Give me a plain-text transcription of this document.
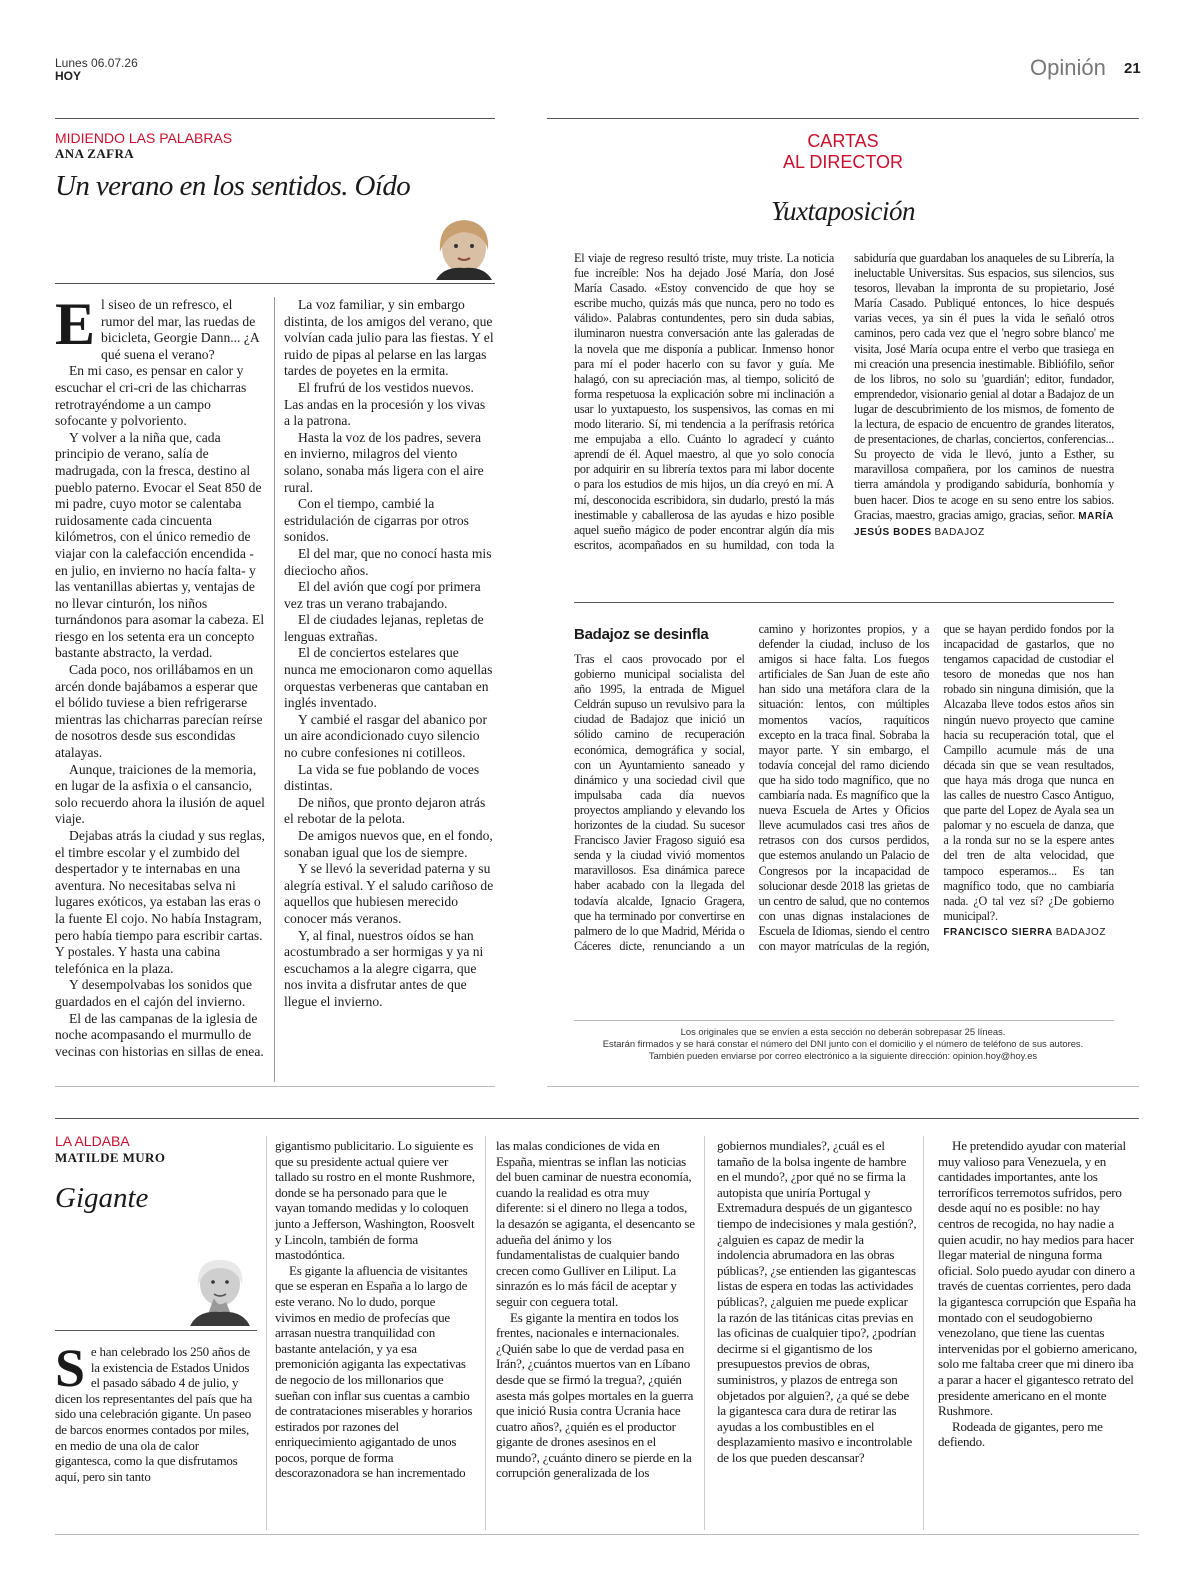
Lunes 06.07.26
HOY	Opinión 21
MIDIENDO LAS PALABRAS
ANA ZAFRA
Un verano en los sentidos. Oído
E l siseo de un refresco, el rumor del mar, las ruedas de bicicleta, Georgie Dann... ¿A qué suena el verano?

En mi caso, es pensar en calor y escuchar el cri-cri de las chicharras retrotrayéndome a un campo sofocante y polvoriento.

Y volver a la niña que, cada principio de verano, salía de madrugada, con la fresca, destino al pueblo paterno. Evocar el Seat 850 de mi padre, cuyo motor se calentaba ruidosamente cada cincuenta kilómetros, con el único remedio de viajar con la calefacción encendida -en julio, en invierno no hacía falta- y las ventanillas abiertas y, ventajas de no llevar cinturón, los niños turnándonos para asomar la cabeza. El riesgo en los setenta era un concepto bastante abstracto, la verdad.

Cada poco, nos orillábamos en un arcén donde bajábamos a esperar que el bólido tuviese a bien refrigerarse mientras las chicharras parecían reírse de nosotros desde sus escondidas atalayas.

Aunque, traiciones de la memoria, en lugar de la asfixia o el cansancio, solo recuerdo ahora la ilusión de aquel viaje.

Dejabas atrás la ciudad y sus reglas, el timbre escolar y el zumbido del despertador y te internabas en una aventura. No necesitabas selva ni lugares exóticos, ya estaban las eras o la fuente El cojo. No había Instagram, pero había tiempo para escribir cartas. Y postales. Y hasta una cabina telefónica en la plaza.

Y desempolvabas los sonidos que guardados en el cajón del invierno.

El de las campanas de la iglesia de noche acompasando el murmullo de vecinas con historias en sillas de enea.

La voz familiar, y sin embargo distinta, de los amigos del verano, que volvían cada julio para las fiestas. Y el ruido de pipas al pelarse en las largas tardes de poyetes en la ermita.

El frufrú de los vestidos nuevos. Las andas en la procesión y los vivas a la patrona.

Hasta la voz de los padres, severa en invierno, milagros del viento solano, sonaba más ligera con el aire rural.

Con el tiempo, cambié la estridulación de cigarras por otros sonidos.

El del mar, que no conocí hasta mis dieciocho años.

El del avión que cogí por primera vez tras un verano trabajando.

El de ciudades lejanas, repletas de lenguas extrañas.

El de conciertos estelares que nunca me emocionaron como aquellas orquestas verbeneras que cantaban en inglés inventado.

Y cambié el rasgar del abanico por un aire acondicionado cuyo silencio no cubre confesiones ni cotilleos.

La vida se fue poblando de voces distintas.

De niños, que pronto dejaron atrás el rebotar de la pelota.

De amigos nuevos que, en el fondo, sonaban igual que los de siempre.

Y se llevó la severidad paterna y su alegría estival. Y el saludo cariñoso de aquellos que hubiesen merecido conocer más veranos.

Y, al final, nuestros oídos se han acostumbrado a ser hormigas y ya ni escuchamos a la alegre cigarra, que nos invita a disfrutar antes de que llegue el invierno.

CARTAS
AL DIRECTOR
Yuxtaposición
El viaje de regreso resultó triste, muy triste. La noticia fue increíble: Nos ha dejado José María, don José María Casado. «Estoy convencido de que hoy se escribe mucho, quizás más que nunca, pero no todo es válido». Palabras contundentes, pero sin duda sabias, iluminaron nuestra conversación ante las galeradas de la novela que me disponía a publicar. Inmenso honor para mí el poder hacerlo con su favor y guía. Me halagó, con su apreciación mas, al tiempo, solicitó de forma respetuosa la explicación sobre mi inclinación a usar lo yuxtapuesto, los suspensivos, las comas en mi modo literario. Sí, mi tendencia a la perífrasis retórica me empujaba a ello. Cuánto lo agradecí y cuánto aprendí de él. Aquel maestro, al que yo solo conocía por adquirir en su librería textos para mi labor docente o para los estudios de mis hijos, un día creyó en mí. A mí, desconocida escribidora, sin dudarlo, prestó la más inestimable y caballerosa de las ayudas e hizo posible aquel sueño mágico de poder encontrar algún día mis escritos, acompañados en su humildad, con toda la sabiduría que guardaban los anaqueles de su Librería, la ineluctable Universitas. Sus espacios, sus silencios, sus tesoros, llevaban la impronta de su propietario, José María Casado. Publiqué entonces, lo hice después varias veces, ya sin él pues la vida le señaló otros caminos, pero cada vez que el 'negro sobre blanco' me visita, José María ocupa entre el verbo que trasiega en mi creación una presencia inestimable. Bibliófilo, señor de los libros, no solo su 'guardián'; editor, fundador, emprendedor, visionario genial al dotar a Badajoz de un lugar de descubrimiento de los mismos, de fomento de la lectura, de espacio de encuentro de grandes literatos, de presentaciones, de charlas, conciertos, conferencias... Su proyecto de vida le llevó, junto a Esther, su maravillosa compañera, por los caminos de nuestra tierra amándola y prodigando sabiduría, bonhomía y buen hacer. Dios te acoge en su seno entre los sabios. Gracias, maestro, gracias amigo, gracias, señor. MARÍA JESÚS BODES BADAJOZ
Badajoz se desinfla
Tras el caos provocado por el gobierno municipal socialista del año 1995, la entrada de Miguel Celdrán supuso un revulsivo para la ciudad de Badajoz que inició un sólido camino de recuperación económica, demográfica y social, con un Ayuntamiento saneado y dinámico y una sociedad civil que impulsaba cada día nuevos proyectos ampliando y elevando los horizontes de la ciudad. Su sucesor Francisco Javier Fragoso siguió esa senda y la ciudad vivió momentos maravillosos. Esa dinámica parece haber acabado con la llegada del todavía alcalde, Ignacio Gragera, que ha terminado por convertirse en palmero de lo que Madrid, Mérida o Cáceres dicte, renunciando a un camino y horizontes propios, y a defender la ciudad, incluso de los amigos si hace falta. Los fuegos artificiales de San Juan de este año han sido una metáfora clara de la situación: lentos, con múltiples momentos vacíos, raquíticos excepto en la traca final. Sobraba la mayor parte. Y sin embargo, el todavía concejal del ramo diciendo que ha sido todo magnífico, que no cambiaría nada. Es magnífico que la nueva Escuela de Artes y Oficios lleve acumulados casi tres años de retrasos con dos cursos perdidos, que estemos anulando un Palacio de Congresos por la incapacidad de solucionar desde 2018 las grietas de un centro de salud, que no contemos con unas dignas instalaciones de Escuela de Idiomas, siendo el centro con mayor matrículas de la región, que se hayan perdido fondos por la incapacidad de gastarlos, que no tengamos capacidad de custodiar el tesoro de monedas que nos han robado sin ninguna dimisión, que la Alcazaba lleve todos estos años sin ningún nuevo proyecto que camine hacia su recuperación total, que el Campillo acumule más de una década sin que se vean resultados, que haya más droga que nunca en las calles de nuestro Casco Antiguo, que parte del Lopez de Ayala sea un palomar y no escuela de danza, que a la ronda sur no se la espere antes del tren de alta velocidad, que tampoco esperamos... Es tan magnífico todo, que no cambiaría nada. ¿O tal vez sí? ¿De gobierno municipal?.
FRANCISCO SIERRA BADAJOZ
Los originales que se envíen a esta sección no deberán sobrepasar 25 líneas.
Estarán firmados y se hará constar el número del DNI junto con el domicilio y el número de teléfono de sus autores.
También pueden enviarse por correo electrónico a la siguiente dirección: opinion.hoy@hoy.es
LA ALDABA
MATILDE MURO
Gigante
S e han celebrado los 250 años de la existencia de Estados Unidos el pasado sábado 4 de julio, y dicen los representantes del país que ha sido una celebración gigante. Un paseo de barcos enormes contados por miles, en medio de una ola de calor gigantesca, como la que disfrutamos aquí, pero sin tanto

gigantismo publicitario. Lo siguiente es que su presidente actual quiere ver tallado su rostro en el monte Rushmore, donde se ha personado para que le vayan tomando medidas y lo coloquen junto a Jefferson, Washington, Roosvelt y Lincoln, también de forma mastodóntica.

Es gigante la afluencia de visitantes que se esperan en España a lo largo de este verano. No lo dudo, porque vivimos en medio de profecías que arrasan nuestra tranquilidad con bastante antelación, y ya esa premonición agiganta las expectativas de negocio de los millonarios que sueñan con inflar sus cuentas a cambio de contrataciones miserables y horarios estirados por razones del enriquecimiento agigantado de unos pocos, porque de forma descorazonadora se han incrementado las malas condiciones de vida en España, mientras se inflan las noticias del buen caminar de nuestra economía, cuando la realidad es otra muy diferente: si el dinero no llega a todos, la desazón se agiganta, el desencanto se adueña del ánimo y los fundamentalistas de cualquier bando crecen como Gulliver en Liliput. La sinrazón es lo más fácil de aceptar y seguir con ceguera total.

Es gigante la mentira en todos los frentes, nacionales e internacionales. ¿Quién sabe lo que de verdad pasa en Irán?, ¿cuántos muertos van en Líbano desde que se firmó la tregua?, ¿quién asesta más golpes mortales en la guerra que inició Rusia contra Ucrania hace cuatro años?, ¿quién es el productor gigante de drones asesinos en el mundo?, ¿cuánto dinero se pierde en la corrupción generalizada de los gobiernos mundiales?, ¿cuál es el tamaño de la bolsa ingente de hambre en el mundo?, ¿por qué no se firma la autopista que uniría Portugal y Extremadura después de un gigantesco tiempo de indecisiones y mala gestión?, ¿alguien es capaz de medir la indolencia abrumadora en las obras públicas?, ¿se entienden las gigantescas listas de espera en todas las actividades públicas?, ¿alguien me puede explicar la razón de las titánicas citas previas en las oficinas de cualquier tipo?, ¿podrían decirme si el gigantismo de los presupuestos previos de obras, suministros, y plazos de entrega son objetados por alguien?, ¿a qué se debe la gigantesca cara dura de retirar las ayudas a los combustibles en el desplazamiento masivo e incontrolable de los que pueden descansar?

He pretendido ayudar con material muy valioso para Venezuela, y en cantidades importantes, ante los terroríficos terremotos sufridos, pero desde aquí no es posible: no hay centros de recogida, no hay nadie a quien acudir, no hay medios para hacer llegar material de ninguna forma oficial. Solo puedo ayudar con dinero a través de cuentas corrientes, pero dada la gigantesca corrupción que España ha montado con el seudogobierno venezolano, que tiene las cuentas intervenidas por el gobierno americano, solo me faltaba creer que mi dinero iba a parar a hacer el gigantesco retrato del presidente americano en el monte Rushmore.

Rodeada de gigantes, pero me defiendo.
